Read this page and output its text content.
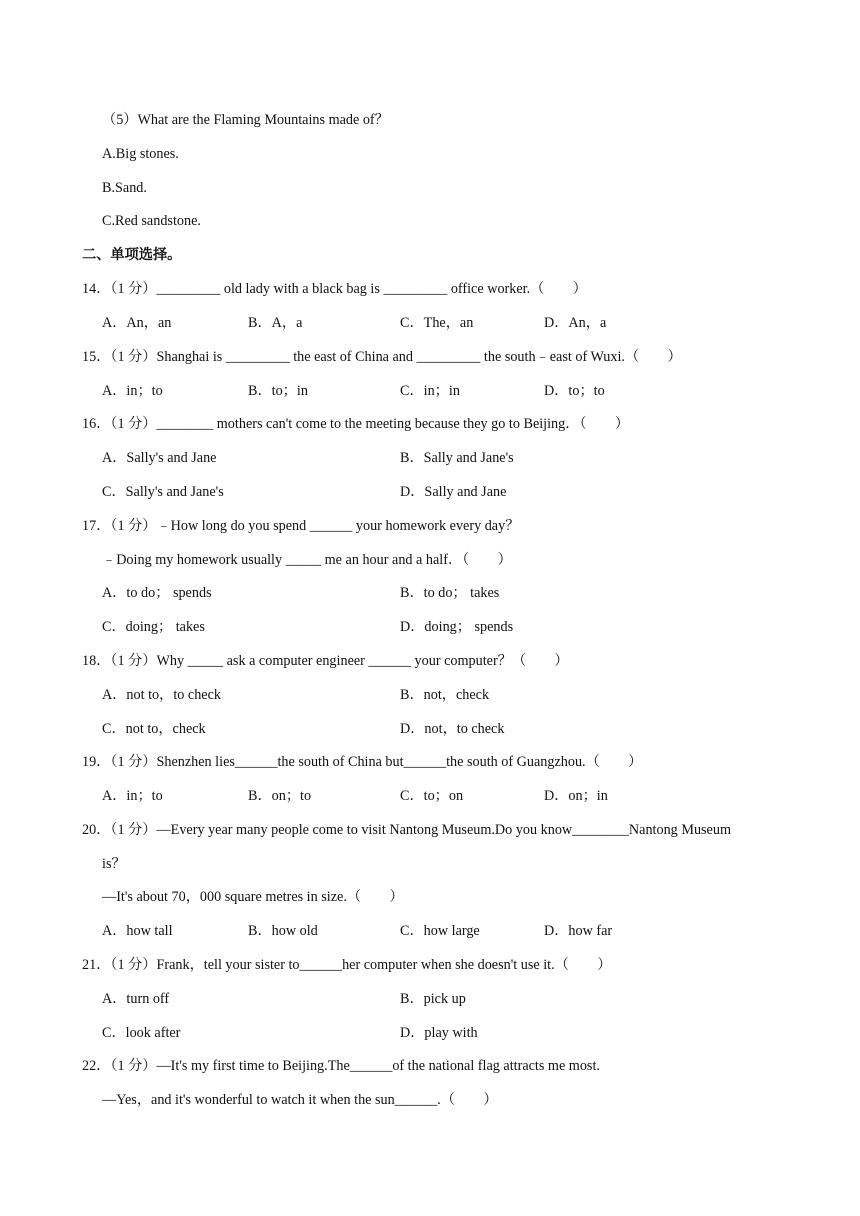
（5）What are the Flaming Mountains made of？
A.Big stones.
B.Sand.
C.Red sandstone.
二、单项选择。
14．（1 分）_________ old lady with a black bag is _________ office worker.（　　）
A．An，an	B．A，a	C．The，an	D．An，a
15．（1 分）Shanghai is _________ the east of China and _________ the south﹣east of Wuxi.（　　）
A．in；to	B．to；in	C．in；in	D．to；to
16．（1 分）________ mothers can't come to the meeting because they go to Beijing．（　　）
A．Sally's and Jane	B．Sally and Jane's
C．Sally's and Jane's	D．Sally and Jane
17．（1 分）﹣How long do you spend ______ your homework every day？
﹣Doing my homework usually _____ me an hour and a half．（　　）
A．to do； spends	B．to do； takes
C．doing； takes	D．doing； spends
18．（1 分）Why _____ ask a computer engineer ______ your computer？（　　）
A．not to，to check	B．not，check
C．not to，check	D．not，to check
19．（1 分）Shenzhen lies______the south of China but______the south of Guangzhou.（　　）
A．in；to	B．on；to	C．to；on	D．on；in
20．（1 分）—Every year many people come to visit Nantong Museum.Do you know________Nantong Museum
is？
—It's about 70，000 square metres in size.（　　）
A．how tall	B．how old	C．how large	D．how far
21．（1 分）Frank，tell your sister to______her computer when she doesn't use it.（　　）
A．turn off	B．pick up
C．look after	D．play with
22．（1 分）—It's my first time to Beijing.The______of the national flag attracts me most.
—Yes，and it's wonderful to watch it when the sun______.（　　）
